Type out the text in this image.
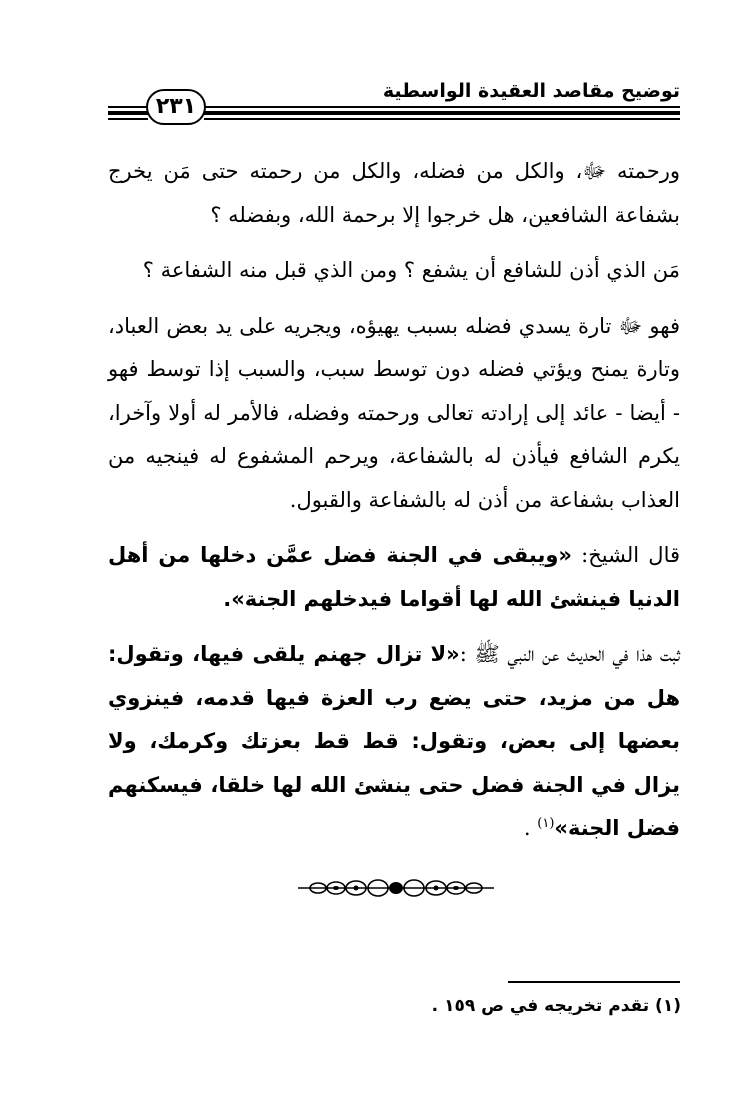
توضيح مقاصد العقيدة الواسطية
٢٣١

ورحمته ﷻ، والكل من فضله، والكل من رحمته حتى مَن يخرج بشفاعة الشافعين، هل خرجوا إلا برحمة الله، وبفضله ؟

مَن الذي أذن للشافع أن يشفع ؟ ومن الذي قبل منه الشفاعة ؟

فهو ﷻ تارة يسدي فضله بسبب يهيؤه، ويجريه على يد بعض العباد، وتارة يمنح ويؤتي فضله دون توسط سبب، والسبب إذا توسط فهو - أيضا - عائد إلى إرادته تعالى ورحمته وفضله، فالأمر له أولا وآخرا، يكرم الشافع فيأذن له بالشفاعة، ويرحم المشفوع له فينجيه من العذاب بشفاعة من أذن له بالشفاعة والقبول.

قال الشيخ: «ويبقى في الجنة فضل عمَّن دخلها من أهل الدنيا فينشئ الله لها أقواما فيدخلهم الجنة».

ثبت هذا في الحديث عن النبي ﷺ :«لا تزال جهنم يلقى فيها، وتقول: هل من مزيد، حتى يضع رب العزة فيها قدمه، فينزوي بعضها إلى بعض، وتقول: قط قط بعزتك وكرمك، ولا يزال في الجنة فضل حتى ينشئ الله لها خلقا، فيسكنهم فضل الجنة»$^{(١)}$ .

(١) تقدم تخريجه في ص ١٥٩ .
